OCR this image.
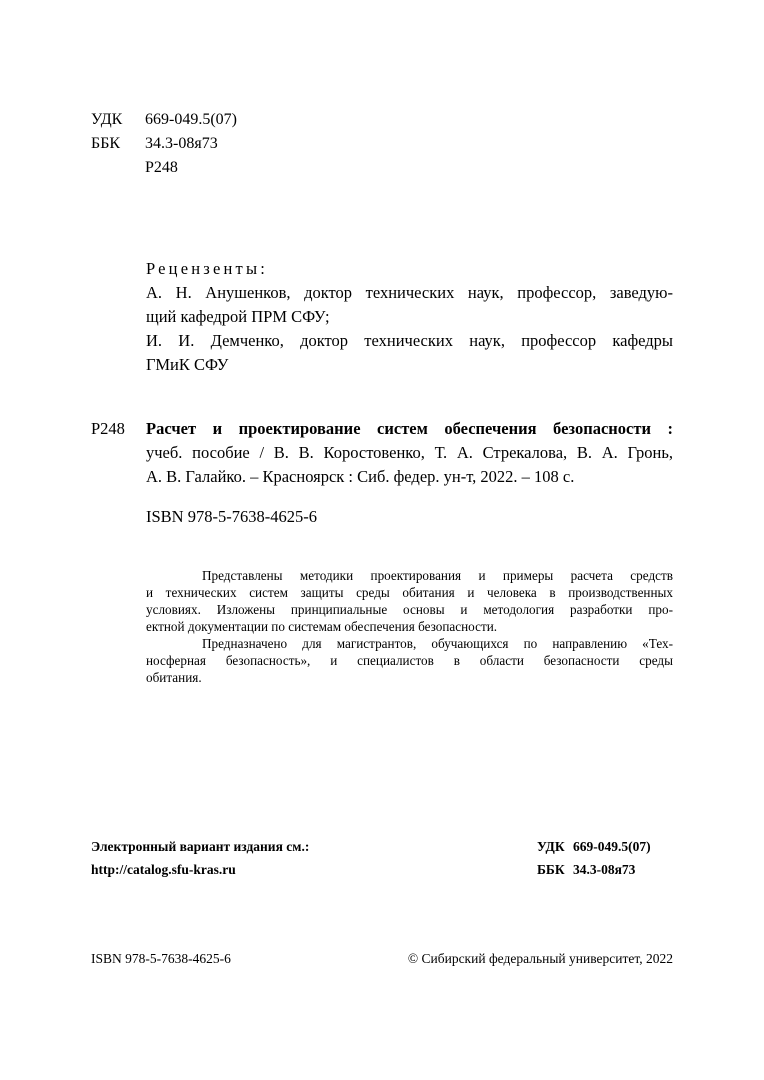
УДК	669-049.5(07)
ББК	34.3-08я73
Р248
Рецензенты:
А. Н. Анушенков, доктор технических наук, профессор, заведую-
щий кафедрой ПРМ СФУ;
И. И. Демченко, доктор технических наук, профессор кафедры
ГМиК СФУ
Р248 Расчет и проектирование систем обеспечения безопасности :
учеб. пособие / В. В. Коростовенко, Т. А. Стрекалова, В. А. Гронь,
А. В. Галайко. – Красноярск : Сиб. федер. ун-т, 2022. – 108 с.
ISBN 978-5-7638-4625-6
Представлены методики проектирования и примеры расчета средств
и технических систем защиты среды обитания и человека в производственных
условиях. Изложены принципиальные основы и методология разработки про-
ектной документации по системам обеспечения безопасности.
Предназначено для магистрантов, обучающихся по направлению «Тех-
носферная безопасность», и специалистов в области безопасности среды
обитания.
Электронный вариант издания см.:
http://catalog.sfu-kras.ru
УДК 669-049.5(07)
ББК 34.3-08я73
ISBN 978-5-7638-4625-6	© Сибирский федеральный университет, 2022
